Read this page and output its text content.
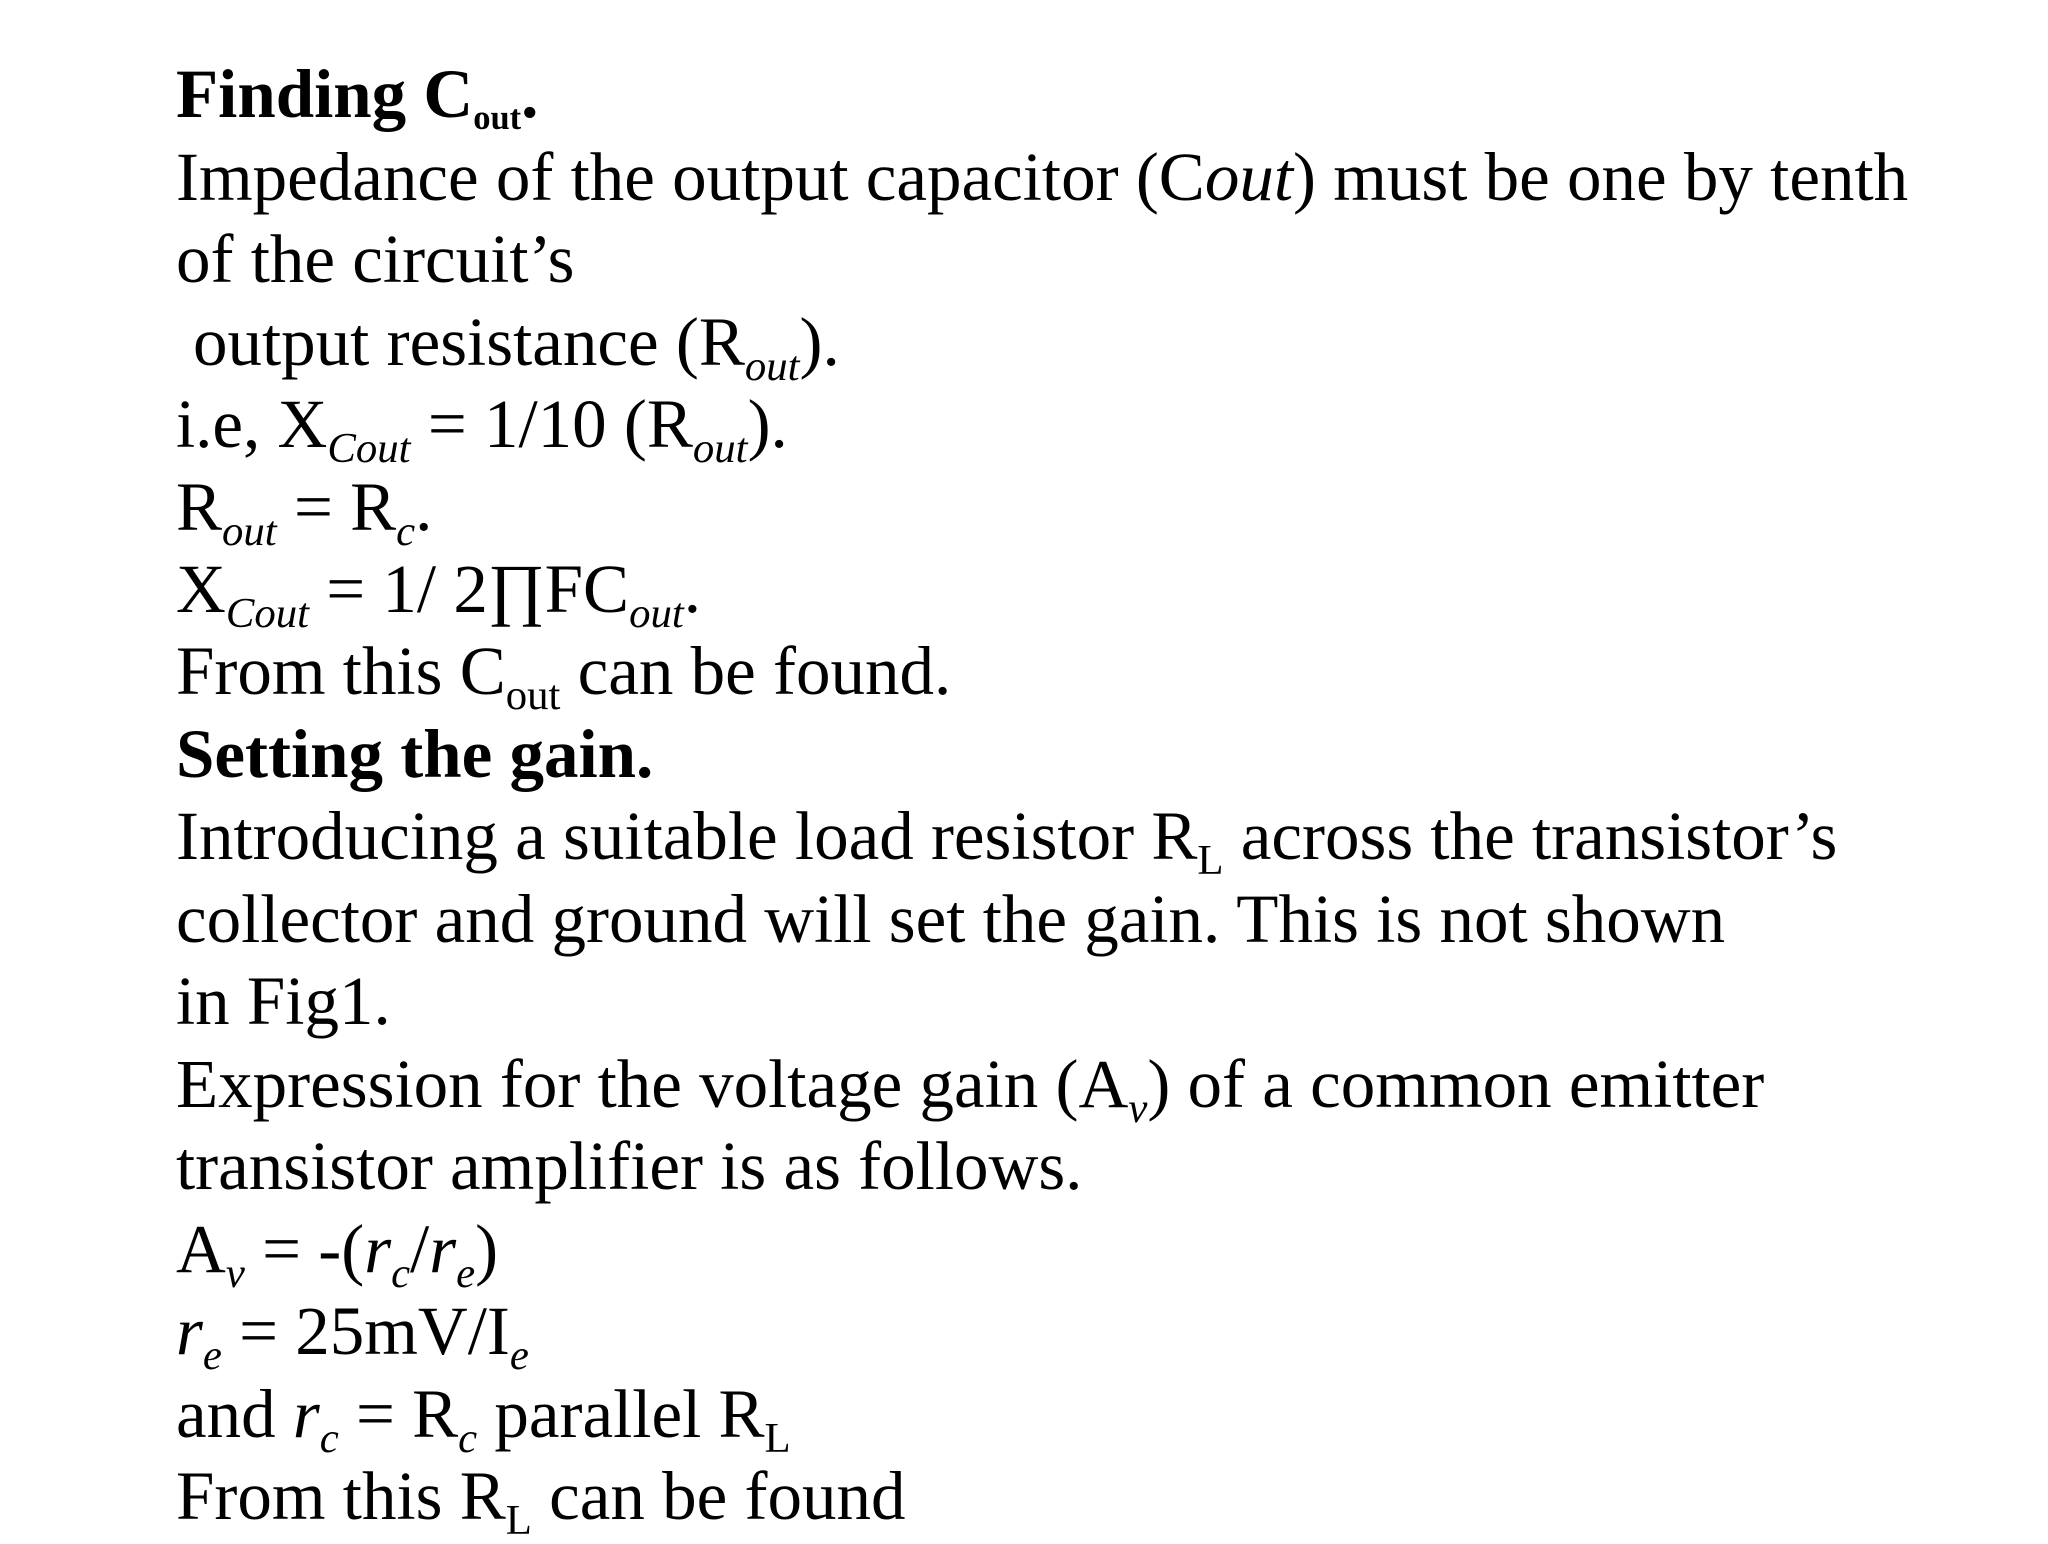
Finding Cout.
Impedance of the output capacitor (Cout) must be one by tenth
of the circuit’s
output resistance $(R_{out})$.
i.e, $X_{Cout} = 1/10$ $(R_{out})$.
$R_{out} = R_c$.
$X_{Cout} = 1/$ $2\prod FC_{out}$.
From this $C_{out}$ can be found.
Setting the gain.
Introducing a suitable load resistor $R_L$ across the transistor’s
collector and ground will set the gain. This is not shown
in Fig1.
Expression for the voltage gain $(A_v)$ of a common emitter
transistor amplifier is as follows.
$A_v = -(r_c/r_e)$
$r_e = 25mV/I_e$
and $r_c = R_c$ parallel $R_L$
From this $R_L$ can be found
